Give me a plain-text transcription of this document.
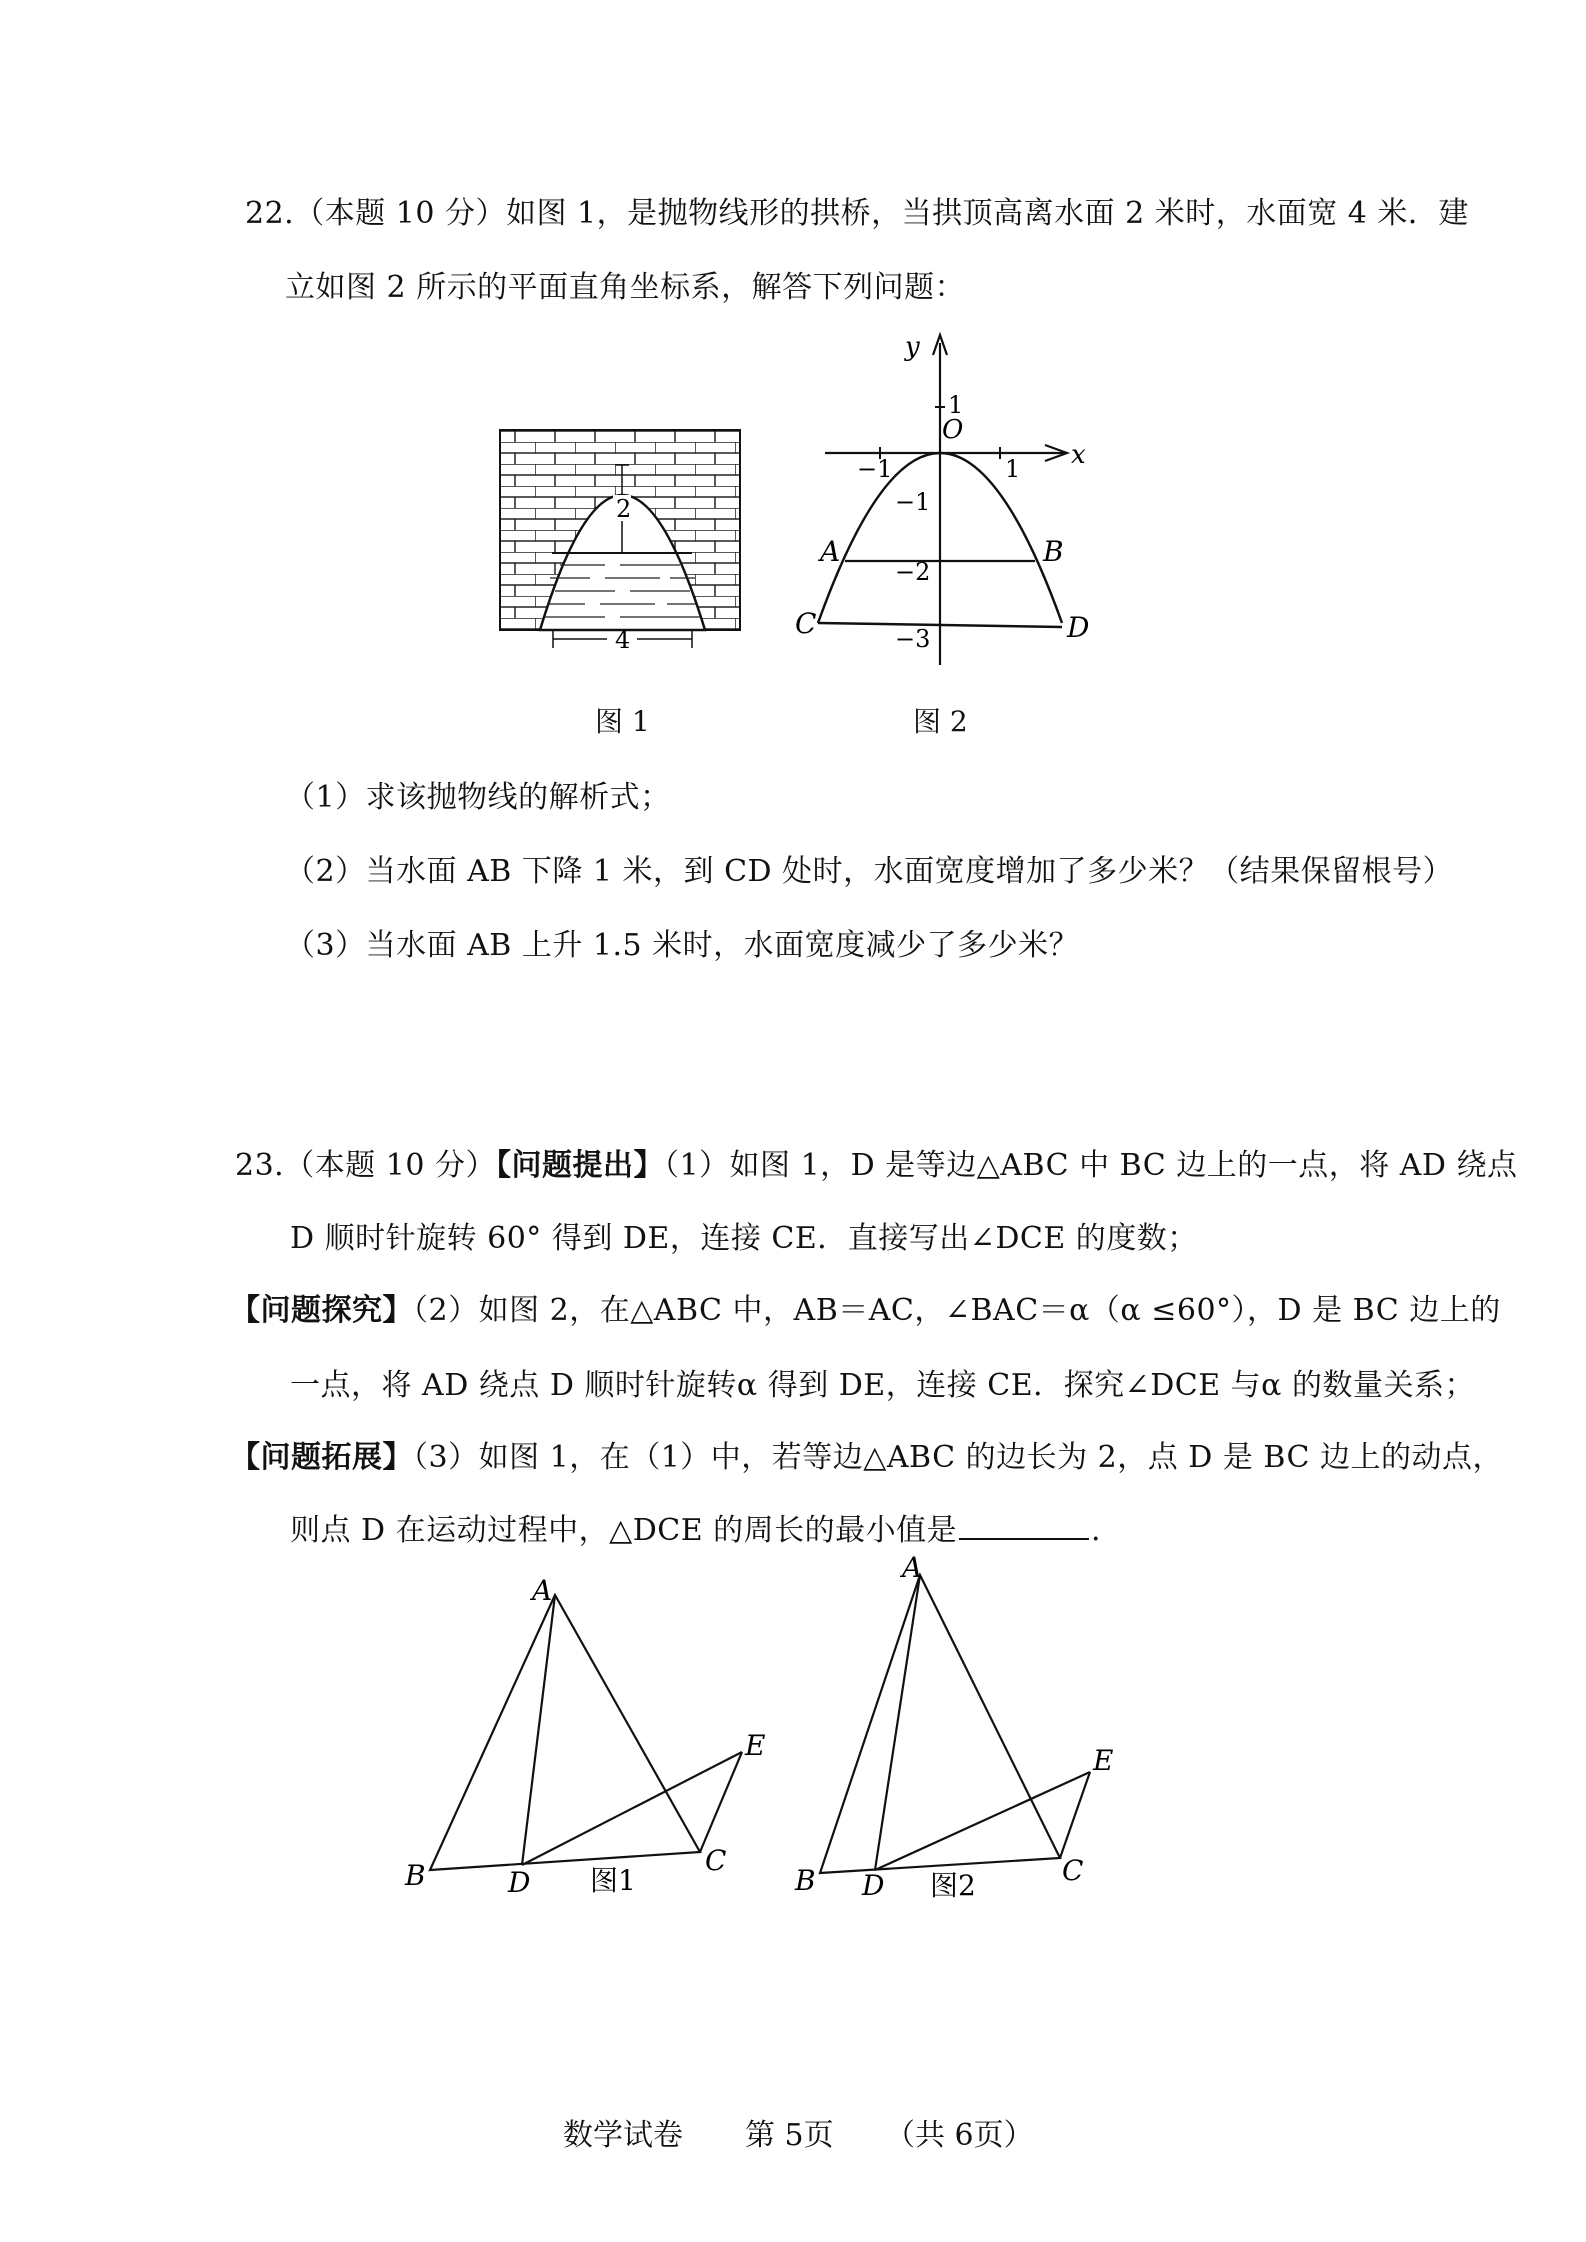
22.（本题 10 分）如图 1，是抛物线形的拱桥，当拱顶高离水面 2 米时，水面宽 4 米．建
立如图 2 所示的平面直角坐标系，解答下列问题：
2
4
y
x
O
1
−1	1
−1
−2
−3
A	B
C	D
图 1	图 2
（1）求该抛物线的解析式；
（2）当水面 AB 下降 1 米，到 CD 处时，水面宽度增加了多少米？（结果保留根号）
（3）当水面 AB 上升 1.5 米时，水面宽度减少了多少米？
23.（本题 10 分）【问题提出】（1）如图 1，D 是等边△ABC 中 BC 边上的一点，将 AD 绕点
D 顺时针旋转 60° 得到 DE，连接 CE．直接写出∠DCE 的度数；
【问题探究】（2）如图 2，在△ABC 中，AB＝AC，∠BAC＝α（α ≤60°），D 是 BC 边上的
一点，将 AD 绕点 D 顺时针旋转α 得到 DE，连接 CE．探究∠DCE 与α 的数量关系；
【问题拓展】（3）如图 1，在（1）中，若等边△ABC 的边长为 2，点 D 是 BC 边上的动点，
则点 D 在运动过程中，△DCE 的周长的最小值是	．
A
B	D
C
E
图1
A
B D	C
E
图2
数学试卷 第 5页 （共 6页）
